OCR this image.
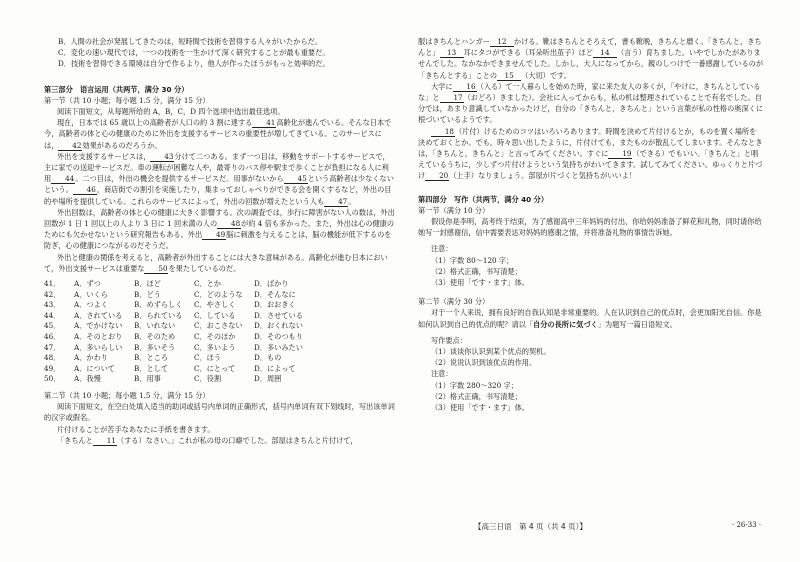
B．人間の社会が発展してきたのは，短時間で技術を習得する人々がいたからだ。

C．変化の速い現代では，一つの技術を一生かけて深く研究することが最も重要だ。

D．技術を習得できる環境は自分で作るより，他人が作ったほうがもっと効率的だ。

第三部分　语言运用（共两节，满分 30 分）

第一节（共 10 小题；每小题 1.5 分，满分 15 分）

阅读下面短文，从每题所给的 A，B，C，D 四个选项中选出最佳选项。

現在，日本では 65 歳以上の高齢者が人口の約 3 割に達する 41高齢化が進んでいる。そんな日本で今，高齢者の体と心の健康のために外出を支援するサービスの重要性が増してきている。このサービスには， 42効果があるのだろうか。

外出を支援するサービスは， 43分けて二つある。まず一つ目は，移動をサポートするサービスで，主に家での送迎サービスだ。車の運転が困難な人や，最寄りのバス停や駅まで歩くことが負担になる人に利用 44。二つ目は，外出の機会を提供するサービスだ。用事がないから 45という高齢者は少なくないという。 46，商店街での割引を実施したり，集まっておしゃべりができる会を開くするなど，外出の目的や場所を提供している。これらのサービスによって，外出の回数が増えたという人も 47。

外出回数は，高齢者の体と心の健康に大きく影響する。次の調査では，歩行に障害がない人の数は，外出回数が 1 日 1 回以上の人より 3 日に 1 回未満の人の 48が約 4 倍も多かった。また，外出は心の健康のためにも欠かせないという研究報告もある。外出 49脳に刺激を与えることは，脳の機能が低下するのを防ぎ，心の健康につながるのだそうだ。

外出と健康の関係を考えると，高齢者が外出することには大きな意味がある。高齢化が進む日本において，外出支援サービスは重要な 50を果たしているのだ。

41．	A．ずつ	B．ほど	C．とか	D．ばかり
42．	A．いくら	B．どう	C．どのような	D．そんなに
43．	A．つよく	B．めずらしく	C．やさしく	D．おおきく
44．	A．されている	B．られている	C．している	D．させている
45．	A．でかけない	B．いれない	C．おこさない	D．おくれない
46．	A．そのとおり	B．そのため	C．そのほか	D．そのつもり
47．	A．多いらしい	B．多いそう	C．多いよう	D．多いみたい
48．	A．かわり	B．ところ	C．ほう	D．もの
49．	A．について	B．として	C．にとって	D．によって
50．	A．我慢	B．用事	C．役割	D．周囲

第二节（共 10 小题；每小题 1.5 分，满分 15 分）

阅读下面短文，在空白处填入适当的助词或括号内单词的正确形式，括号内单词有双下划线时，写出该单词的汉字或假名。

片付けることが苦手なあなたに手紙を書きます。

「きちんと 11（する）なさい。」これが私の母の口癖でした。部屋はきちんと片付けて，

服はきちんとハンガー 12 かける。靴はきちんとそろえて，書も靴晩，きちんと磨く。「きちんと，きちんと」 13 耳にタコができる（耳朵听出茧子）ほど 14 （言う）育ちました。いやでしかたがありませんでした。なかなかできませんでした。しかし，大人になってから，親のしつけで一番感謝しているのが「きちんとする」ことの 15 （大切）です。

大学に 16（入る）て一人暮らしを始めた時，家に来た友人の多くが，「やけに，きちんとしているな」と 17（おどろ）きました）。会社に入ってからも，私の机は整理されていることで有名でした。自分では，あまり意識していなかったけど，自分の「きちんと，きちんと」という言葉が私の性格の奥深くに根づいているようです。

18（片付）けるためのコツはいろいろあります。時間を決めて片付けるとか，ものを置く場所を決めておくとか。でも，時々思い出したように，片付けても，またものが散乱してしまいます。そんなときは，「きちんと，きちんと」と言ってみてください。すぐに 19（できる）でもいい。「きちんと」と唱えているうちに，少しずつ片付けようという気持ちがわいてきます。試してみてください。ゆっくりと片づけ 20（上手）なりましょう。部屋が片づくと気持ちがいいよ！

第四部分　写作（共两节，满分 40 分）

第一节（满分 10 分）

假设你是李明，高考终于结束，为了感谢高中三年妈妈的付出，你给妈妈准备了鲜花和礼物，同时请你给她写一封感谢信，信中需要表达对妈妈的感谢之情，并将准备礼物的事情告诉她。

注意：

（1）字数 80～120 字；

（2）格式正确，书写清楚；

（3）使用「です・ます」体。

第二节（满分 30 分）

对于一个人来说，拥有良好的自我认知是非常重要的。人在认识到自己的优点时，会更加阳光自信。你是如何认识到自己的优点的呢？请以「自分の長所に気づく」为题写一篇日语短文。

写作要点：

（1）谈谈你认识到某个优点的契机。

（2）说说认识到该优点的作用。

注意：

（1）字数 280～320 字；

（2）格式正确，书写清楚；

（3）使用「です・ます」体。

【高三日语　第 4 页（共 4 页）】	· 26-33 ·
